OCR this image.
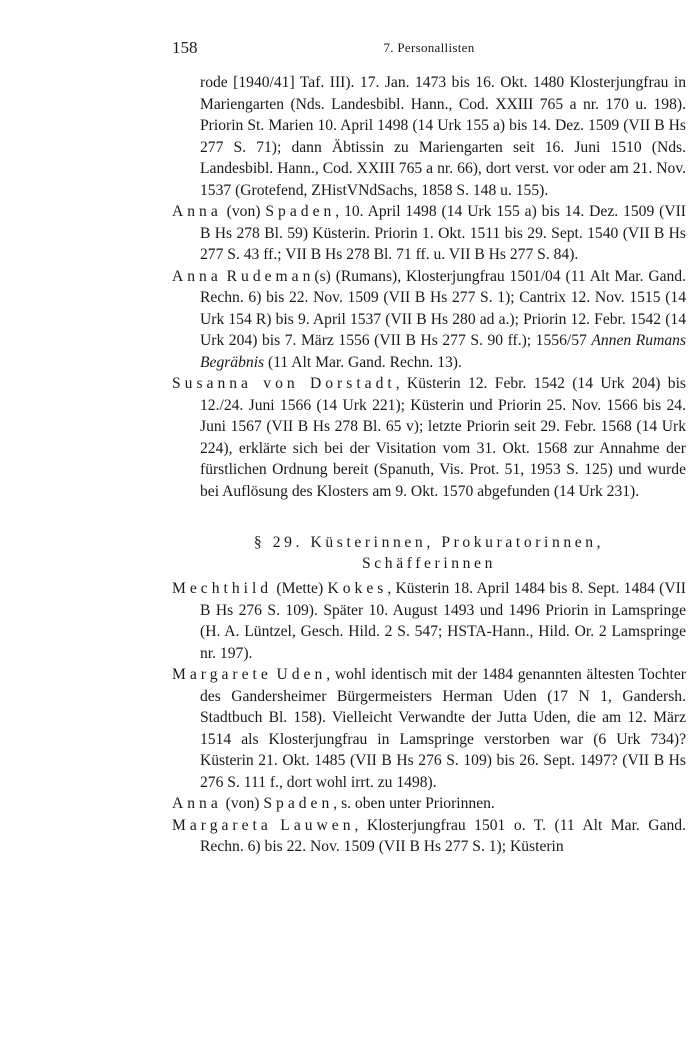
158	7. Personallisten

rode [1940/41] Taf. III). 17. Jan. 1473 bis 16. Okt. 1480 Klosterjungfrau in Mariengarten (Nds. Landesbibl. Hann., Cod. XXIII 765 a nr. 170 u. 198). Priorin St. Marien 10. April 1498 (14 Urk 155 a) bis 14. Dez. 1509 (VII B Hs 277 S. 71); dann Äbtissin zu Mariengarten seit 16. Juni 1510 (Nds. Landesbibl. Hann., Cod. XXIII 765 a nr. 66), dort verst. vor oder am 21. Nov. 1537 (Grotefend, ZHistVNdSachs, 1858 S. 148 u. 155).

Anna (von) Spaden, 10. April 1498 (14 Urk 155 a) bis 14. Dez. 1509 (VII B Hs 278 Bl. 59) Küsterin. Priorin 1. Okt. 1511 bis 29. Sept. 1540 (VII B Hs 277 S. 43 ff.; VII B Hs 278 Bl. 71 ff. u. VII B Hs 277 S. 84).

Anna Rudeman(s) (Rumans), Klosterjungfrau 1501/04 (11 Alt Mar. Gand. Rechn. 6) bis 22. Nov. 1509 (VII B Hs 277 S. 1); Cantrix 12. Nov. 1515 (14 Urk 154 R) bis 9. April 1537 (VII B Hs 280 ad a.); Priorin 12. Febr. 1542 (14 Urk 204) bis 7. März 1556 (VII B Hs 277 S. 90 ff.); 1556/57 Annen Rumans Begräbnis (11 Alt Mar. Gand. Rechn. 13).

Susanna von Dorstadt, Küsterin 12. Febr. 1542 (14 Urk 204) bis 12./24. Juni 1566 (14 Urk 221); Küsterin und Priorin 25. Nov. 1566 bis 24. Juni 1567 (VII B Hs 278 Bl. 65 v); letzte Priorin seit 29. Febr. 1568 (14 Urk 224), erklärte sich bei der Visitation vom 31. Okt. 1568 zur Annahme der fürstlichen Ordnung bereit (Spanuth, Vis. Prot. 51, 1953 S. 125) und wurde bei Auflösung des Klosters am 9. Okt. 1570 abgefunden (14 Urk 231).

§ 29. Küsterinnen, Prokuratorinnen,
Schäfferinnen

Mechthild (Mette) Kokes, Küsterin 18. April 1484 bis 8. Sept. 1484 (VII B Hs 276 S. 109). Später 10. August 1493 und 1496 Priorin in Lamspringe (H. A. Lüntzel, Gesch. Hild. 2 S. 547; HSTA-Hann., Hild. Or. 2 Lamspringe nr. 197).

Margarete Uden, wohl identisch mit der 1484 genannten ältesten Tochter des Gandersheimer Bürgermeisters Herman Uden (17 N 1, Gandersh. Stadtbuch Bl. 158). Vielleicht Verwandte der Jutta Uden, die am 12. März 1514 als Klosterjungfrau in Lamspringe verstorben war (6 Urk 734)? Küsterin 21. Okt. 1485 (VII B Hs 276 S. 109) bis 26. Sept. 1497? (VII B Hs 276 S. 111 f., dort wohl irrt. zu 1498).

Anna (von) Spaden, s. oben unter Priorinnen.

Margareta Lauwen, Klosterjungfrau 1501 o. T. (11 Alt Mar. Gand. Rechn. 6) bis 22. Nov. 1509 (VII B Hs 277 S. 1); Küsterin
